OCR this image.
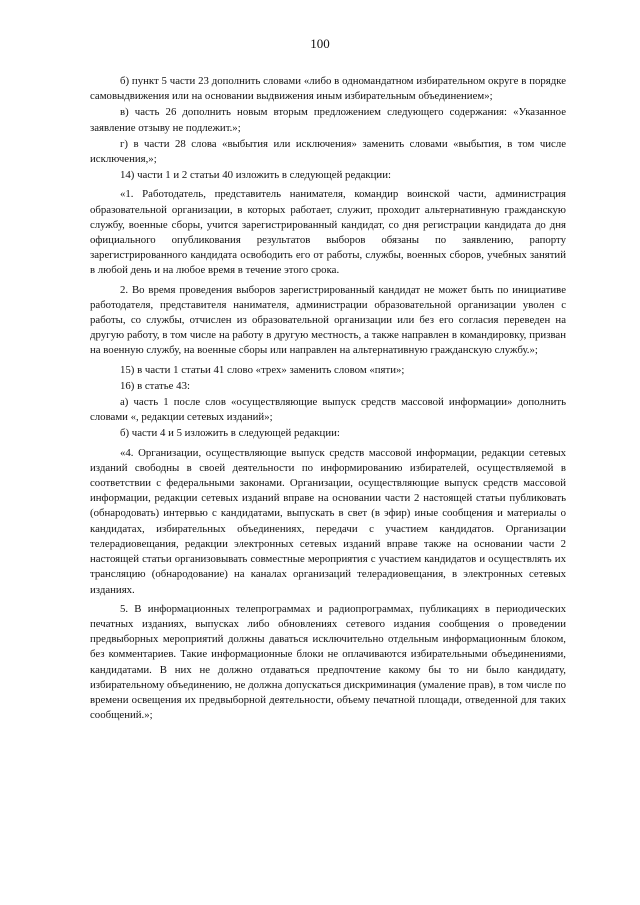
100

б) пункт 5 части 23 дополнить словами «либо в одномандатном избирательном округе в порядке самовыдвижения или на основании выдвижения иным избирательным объединением»;

в) часть 26 дополнить новым вторым предложением следующего содержания: «Указанное заявление отзыву не подлежит.»;

г) в части 28 слова «выбытия или исключения» заменить словами «выбытия, в том числе исключения,»;

14) части 1 и 2 статьи 40 изложить в следующей редакции:

«1. Работодатель, представитель нанимателя, командир воинской части, администрация образовательной организации, в которых работает, служит, проходит альтернативную гражданскую службу, военные сборы, учится зарегистрированный кандидат, со дня регистрации кандидата до дня официального опубликования результатов выборов обязаны по заявлению, рапорту зарегистрированного кандидата освободить его от работы, службы, военных сборов, учебных занятий в любой день и на любое время в течение этого срока.

2. Во время проведения выборов зарегистрированный кандидат не может быть по инициативе работодателя, представителя нанимателя, администрации образовательной организации уволен с работы, со службы, отчислен из образовательной организации или без его согласия переведен на другую работу, в том числе на работу в другую местность, а также направлен в командировку, призван на военную службу, на военные сборы или направлен на альтернативную гражданскую службу.»;

15) в части 1 статьи 41 слово «трех» заменить словом «пяти»;

16) в статье 43:

а) часть 1 после слов «осуществляющие выпуск средств массовой информации» дополнить словами «, редакции сетевых изданий»;

б) части 4 и 5 изложить в следующей редакции:

«4. Организации, осуществляющие выпуск средств массовой информации, редакции сетевых изданий свободны в своей деятельности по информированию избирателей, осуществляемой в соответствии с федеральными законами. Организации, осуществляющие выпуск средств массовой информации, редакции сетевых изданий вправе на основании части 2 настоящей статьи публиковать (обнародовать) интервью с кандидатами, выпускать в свет (в эфир) иные сообщения и материалы о кандидатах, избирательных объединениях, передачи с участием кандидатов. Организации телерадиовещания, редакции электронных сетевых изданий вправе также на основании части 2 настоящей статьи организовывать совместные мероприятия с участием кандидатов и осуществлять их трансляцию (обнародование) на каналах организаций телерадиовещания, в электронных сетевых изданиях.

5. В информационных телепрограммах и радиопрограммах, публикациях в периодических печатных изданиях, выпусках либо обновлениях сетевого издания сообщения о проведении предвыборных мероприятий должны даваться исключительно отдельным информационным блоком, без комментариев. Такие информационные блоки не оплачиваются избирательными объединениями, кандидатами. В них не должно отдаваться предпочтение какому бы то ни было кандидату, избирательному объединению, не должна допускаться дискриминация (умаление прав), в том числе по времени освещения их предвыборной деятельности, объему печатной площади, отведенной для таких сообщений.»;
